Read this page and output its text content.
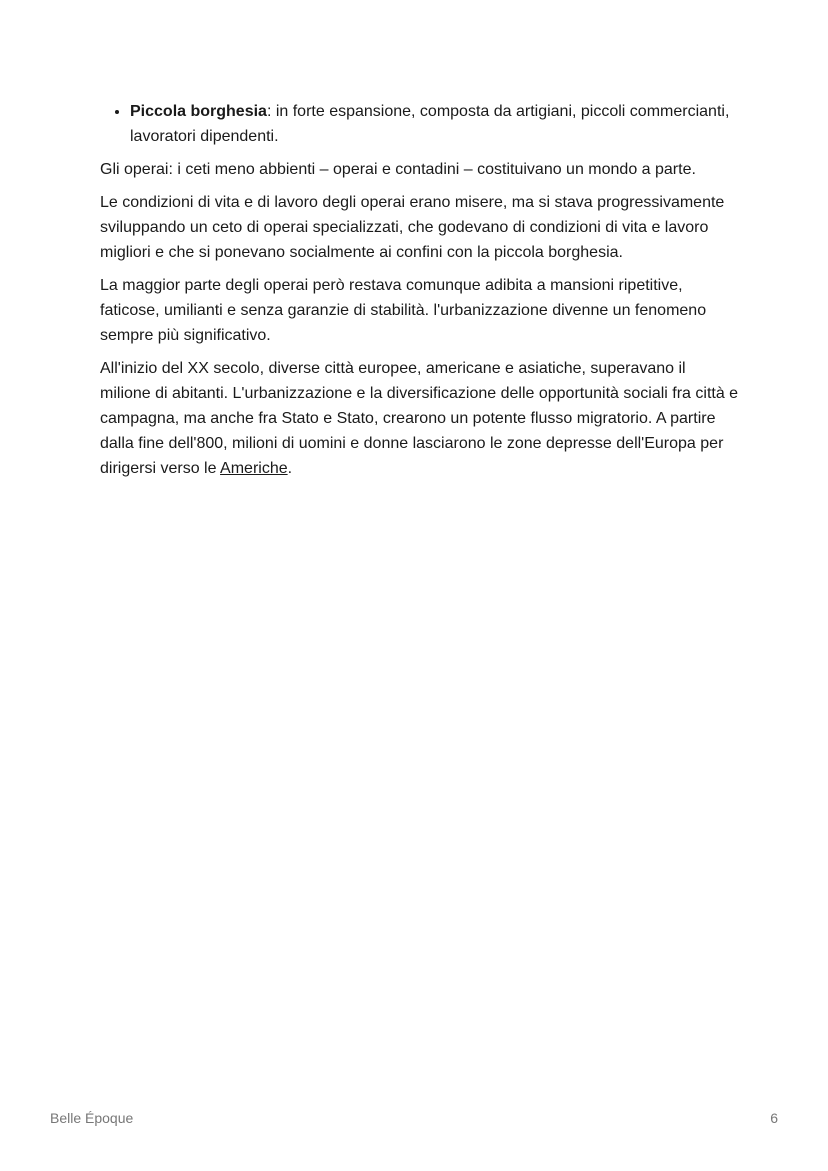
• Piccola borghesia: in forte espansione, composta da artigiani, piccoli commercianti, lavoratori dipendenti.

Gli operai: i ceti meno abbienti – operai e contadini – costituivano un mondo a parte.

Le condizioni di vita e di lavoro degli operai erano misere, ma si stava progressivamente sviluppando un ceto di operai specializzati, che godevano di condizioni di vita e lavoro migliori e che si ponevano socialmente ai confini con la piccola borghesia.

La maggior parte degli operai però restava comunque adibita a mansioni ripetitive, faticose, umilianti e senza garanzie di stabilità. l'urbanizzazione divenne un fenomeno sempre più significativo.

All'inizio del XX secolo, diverse città europee, americane e asiatiche, superavano il milione di abitanti. L'urbanizzazione e la diversificazione delle opportunità sociali fra città e campagna, ma anche fra Stato e Stato, crearono un potente flusso migratorio. A partire dalla fine dell'800, milioni di uomini e donne lasciarono le zone depresse dell'Europa per dirigersi verso le Americhe.

Belle Époque	6
